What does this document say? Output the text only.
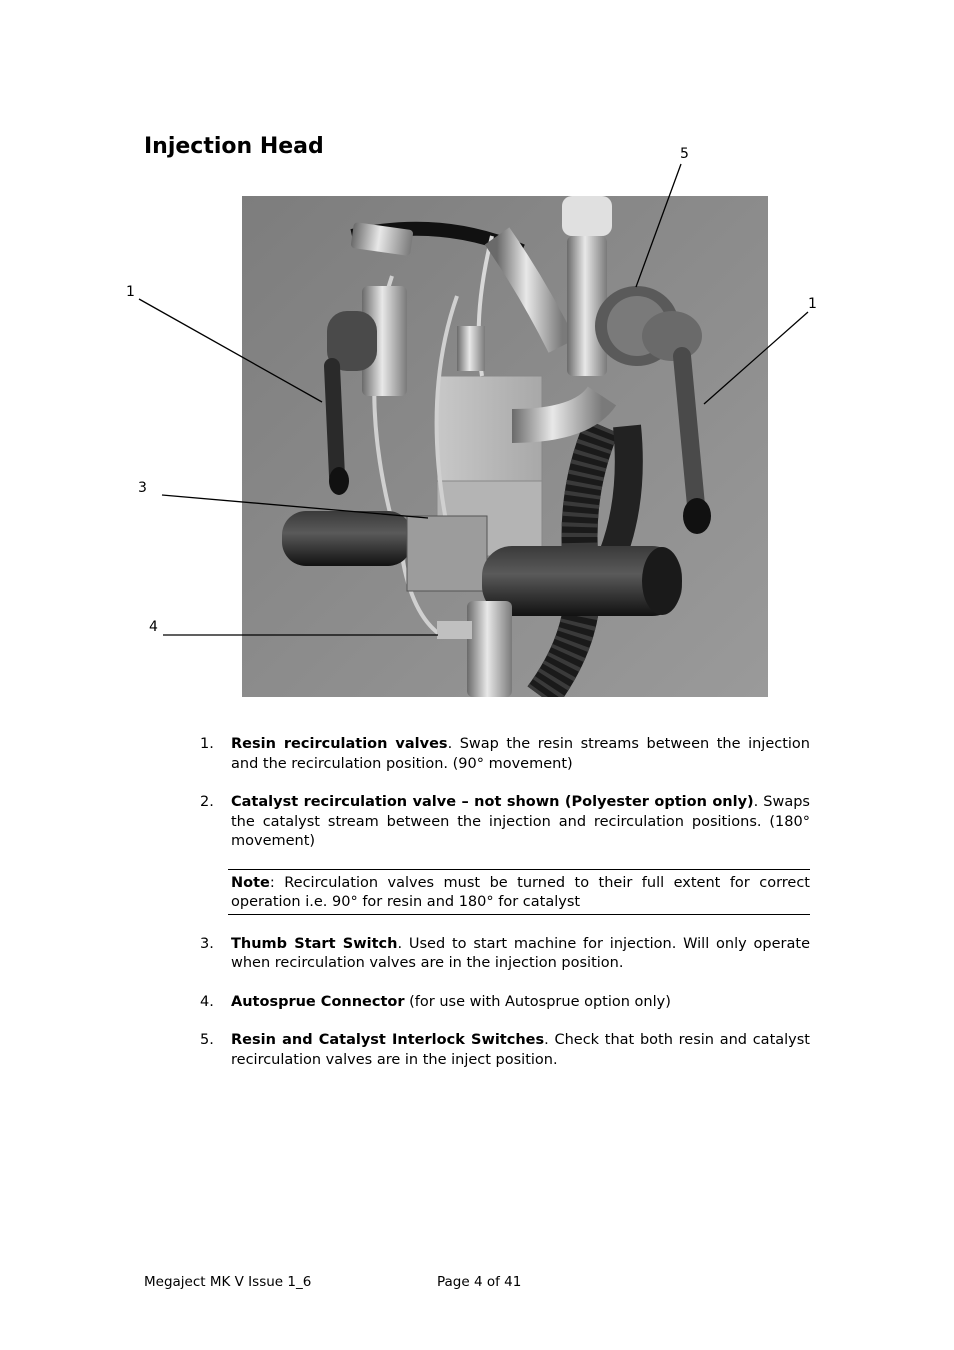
Injection Head	5
1
1
3
4
1.	Resin recirculation valves. Swap the resin streams between the injection and the recirculation position. (90° movement)
2.	Catalyst recirculation valve – not shown (Polyester option only). Swaps the catalyst stream between the injection and recirculation positions. (180° movement)
Note: Recirculation valves must be turned to their full extent for correct operation i.e. 90° for resin and 180° for catalyst
3.	Thumb Start Switch. Used to start machine for injection. Will only operate when recirculation valves are in the injection position.
4.	Autosprue Connector (for use with Autosprue option only)
5.	Resin and Catalyst Interlock Switches. Check that both resin and catalyst recirculation valves are in the inject position.
Megaject MK V Issue 1_6	Page 4 of 41
